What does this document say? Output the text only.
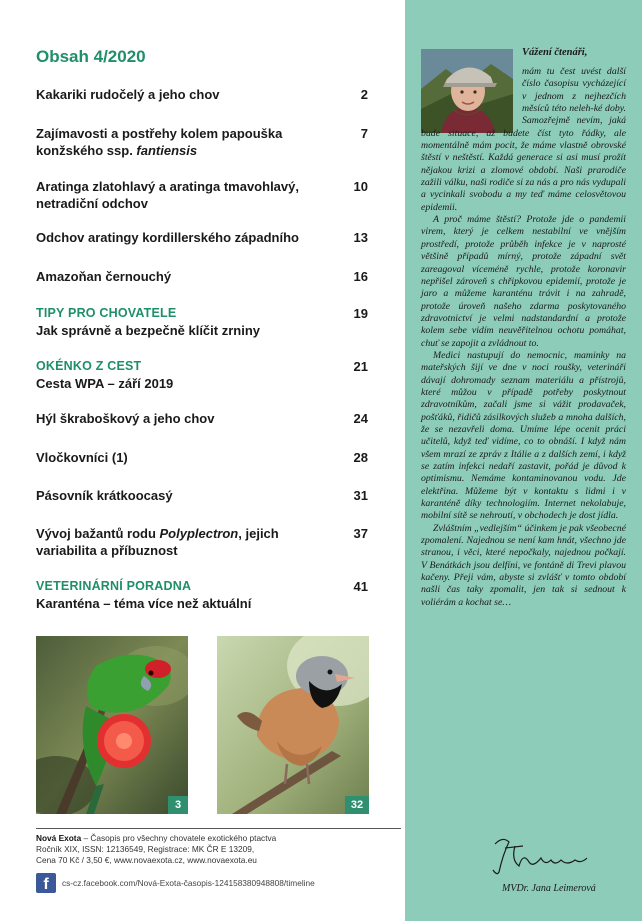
Obsah 4/2020
Kakariki rudočelý a jeho chov	2
Zajímavosti a postřehy kolem papouška
konžského ssp. fantiensis
7
Aratinga zlatohlavý a aratinga tmavohlavý,
netradiční odchov
10
Odchov aratingy kordillerského západního	13
Amazoňan černouchý	16
TIPY PRO CHOVATELE
Jak správně a bezpečně klíčit zrniny
19
OKÉNKO Z CEST
Cesta WPA – září 2019
21
Hýl škraboškový a jeho chov	24
Vločkovníci (1)	28
Pásovník krátkoocasý	31
Vývoj bažantů rodu Polyplectron, jejich
variabilita a příbuznost
37
VETERINÁRNÍ PORADNA
Karanténa – téma více než aktuální
41
3	32
Nová Exota – Časopis pro všechny chovatele exotického ptactva
Ročník XIX, ISSN: 12136549, Registrace: MK ČR E 13209,
Cena 70 Kč / 3,50 €, www.novaexota.cz, www.novaexota.eu
f	cs-cz.facebook.com/Nová-Exota-časopis-124158380948808/timeline
Vážení čtenáři,

mám tu čest uvést další číslo časopisu vycházející v jednom z nejhezčích měsíců této neleh-ké doby. Samozřejmě nevím, jaká bude situace, až budete číst tyto řádky, ale momentálně mám pocit, že máme vlastně obrovské štěstí v neštěstí. Každá generace si asi musí prožít nějakou krizi a zlomové období. Naši prarodiče zažili válku, naši rodiče si za nás a pro nás vydupali a vycinkali svobodu a my teď máme celosvětovou epidemii.

A proč máme štěstí? Protože jde o pandemii virem, který je celkem nestabilní ve vnějším prostředí, protože průběh infekce je v naprosté většině případů mírný, protože západní svět zareagoval víceméně rychle, protože koronavir nepřišel zároveň s chřipkovou epidemií, protože je jaro a můžeme karanténu trávit i na zahradě, protože úroveň našeho zdarma poskytovaného zdravotnictví je velmi nadstandardní a protože kolem sebe vidím neuvěřitelnou ochotu pomáhat, chuť se zapojit a zvládnout to.

Medici nastupují do nemocnic, maminky na mateřských šijí ve dne v noci roušky, veterináři dávají dohromady seznam materiálu a přístrojů, které můžou v případě potřeby poskytnout zdravotníkům, začali jsme si vážit prodavaček, pošťáků, řidičů zásilkových služeb a mnoha dalších, že se nezavřeli doma. Umíme lépe ocenit práci učitelů, když teď vidíme, co to obnáší. I když nám všem mrazí ze zpráv z Itálie a z dalších zemí, i když se zatím infekci nedaří zastavit, pořád je důvod k optimismu. Nemáme kontaminovanou vodu. Jde elektřina. Můžeme být v kontaktu s lidmi i v karanténě díky technologiím. Internet nekolabuje, mobilní sítě se nehroutí, v obchodech je dost jídla.

Zvláštním „vedlejším“ účinkem je pak všeobecné zpomalení. Najednou se není kam hnát, všechno jde stranou, i věci, které nepočkaly, najednou počkají. V Benátkách jsou delfíni, ve fontáně di Trevi plavou kačeny. Přeji vám, abyste si zvlášť v tomto období našli čas taky zpomalit, jen tak si sednout k voliérám a kochat se…

MVDr. Jana Leimerová
